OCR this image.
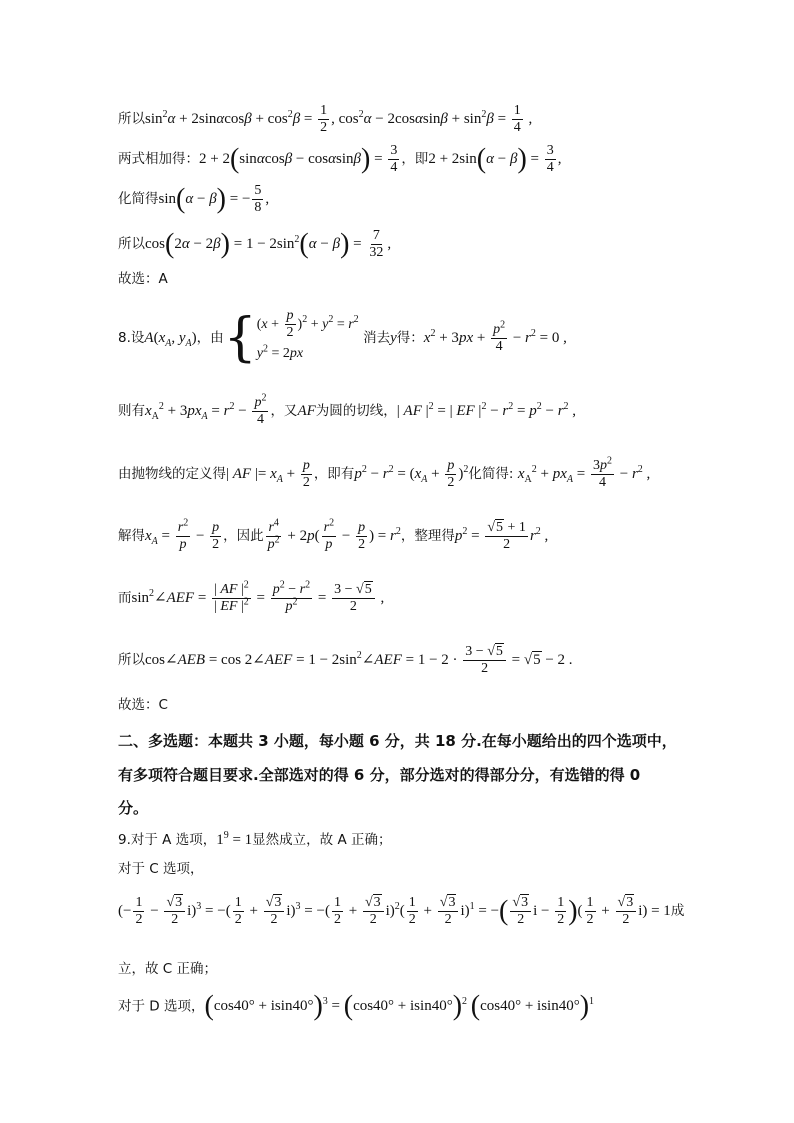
所以$\sin^2\alpha + 2\sin\alpha\cos\beta + \cos^2\beta = \frac{1}{2}$ , $\cos^2\alpha - 2\cos\alpha\sin\beta + \sin^2\beta = \frac{1}{4}$ ,
两式相加得：$2 + 2(\sin\alpha\cos\beta - \cos\alpha\sin\beta) = \frac{3}{4}$ ，即$2 + 2\sin(\alpha - \beta) = \frac{3}{4}$ ,
化简得sin(α − β) = − $\frac{5}{8}$ ,
所以$\cos(2\alpha - 2\beta) = 1 - 2\sin^2(\alpha - \beta) = \frac{7}{32}$ ,
故选：A
8.设$A(x_A$, $y_A$)，由{ $(x + \frac{p}{2} )^2 + y^2 = r^2$
$y^2 = 2px$
消去y得：$x^2 + 3px + \frac{p^2}{4} - r^2 = 0$ ,
则有$x_A^2 + 3px_A = r^2 - \frac{p^2}{4}$ ，又AF为圆的切线，| AF $|^2$ = | EF $|^2 - r^2 = p^2 - r^2$ ,
由抛物线的定义得| AF |= $x_A + \frac{p}{2}$ ，即有$p^2 - r^2 = (x_A + \frac{p}{2} )^2$化简得: $x_A^2 + px_A = \frac{3p^2}{4} - r^2$ ,
解得$x_A = \frac{r^2}{p} - \frac{p}{2}$ ，因此 $\frac{r^4}{p^2} + 2p( \frac{r^2}{p} - \frac{p}{2}$ ) = $r^2$，整理得$p^2 = \frac{√5 + 1}{2} r^2$ ,
而$\sin^2\angle AEF = \frac{| AF |^2}{| EF |^2} = \frac{p^2 - r^2}{p^2} = \frac{3 - √5}{2}$ ,
所以cos∠AEB = cos 2∠AEF = $1 - 2\sin^2\angle AEF = 1 - 2 \cdot \frac{3 - √5}{2} = √5 - 2$ .
故选：C
二、多选题：本题共 3 小题，每小题 6 分，共 18 分.在每小题给出的四个选项中，
有多项符合题目要求.全部选对的得 6 分，部分选对的得部分分，有选错的得 0
分。
9.对于 A 选项，$1^9 = 1$显然成立，故 A 正确；
对于 C 选项，
(− $\frac{1}{2} - \frac{√3}{2} i)^3$ = −( $\frac{1}{2} + \frac{√3}{2} i)^3$ = −( $\frac{1}{2} + \frac{√3}{2} i)^2( \frac{1}{2} + \frac{√3}{2} i)^1$ = −( $\frac{√3}{2}$ $i - \frac{1}{2}$ )( $\frac{1}{2} + \frac{√3}{2} i) = 1$成
立，故 C 正确；
对于 D 选项，$(\cos 40^\circ + isin40^\circ)^3 = (\cos 40^\circ + isin40^\circ)^2$ $(\cos 40^\circ + isin40^\circ)^1$
